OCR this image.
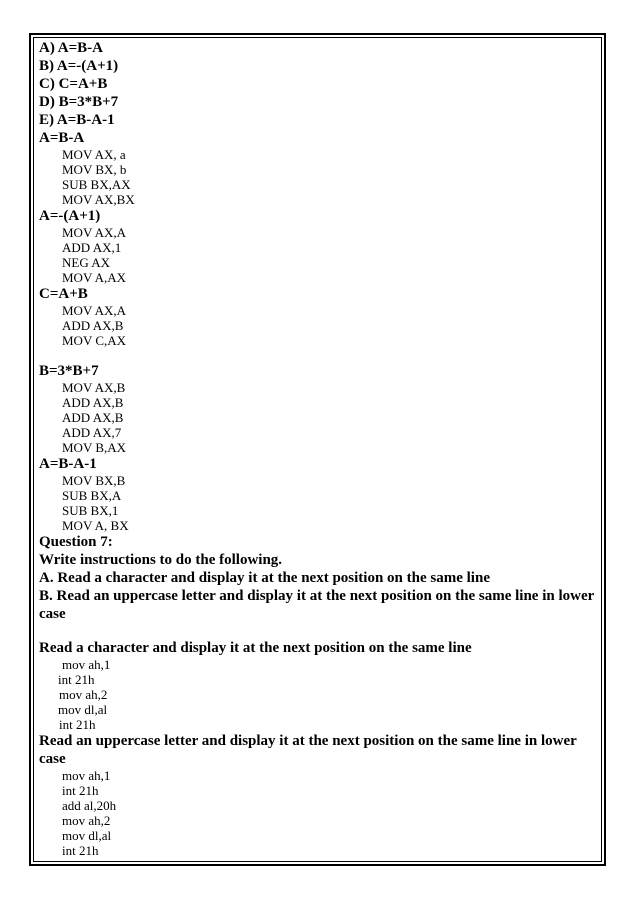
A) A=B-A
B) A=-(A+1)
C) C=A+B
D) B=3*B+7
E) A=B-A-1
A=B-A
MOV AX, a
MOV BX, b
SUB BX,AX
MOV AX,BX
A=-(A+1)
MOV AX,A
ADD AX,1
NEG AX
MOV A,AX
C=A+B
MOV AX,A
ADD AX,B
MOV C,AX
B=3*B+7
MOV AX,B
ADD AX,B
ADD AX,B
ADD AX,7
MOV B,AX
A=B-A-1
MOV BX,B
SUB BX,A
SUB BX,1
MOV A, BX
Question 7:
Write instructions to do the following.
A. Read a character and display it at the next position on the same line
B. Read an uppercase letter and display it at the next position on the same line in lower case
Read a character and display it at the next position on the same line
mov ah,1
int 21h
mov ah,2
mov dl,al
int 21h
Read an uppercase letter and display it at the next position on the same line in lower case
mov ah,1
int 21h
add al,20h
mov ah,2
mov dl,al
int 21h
